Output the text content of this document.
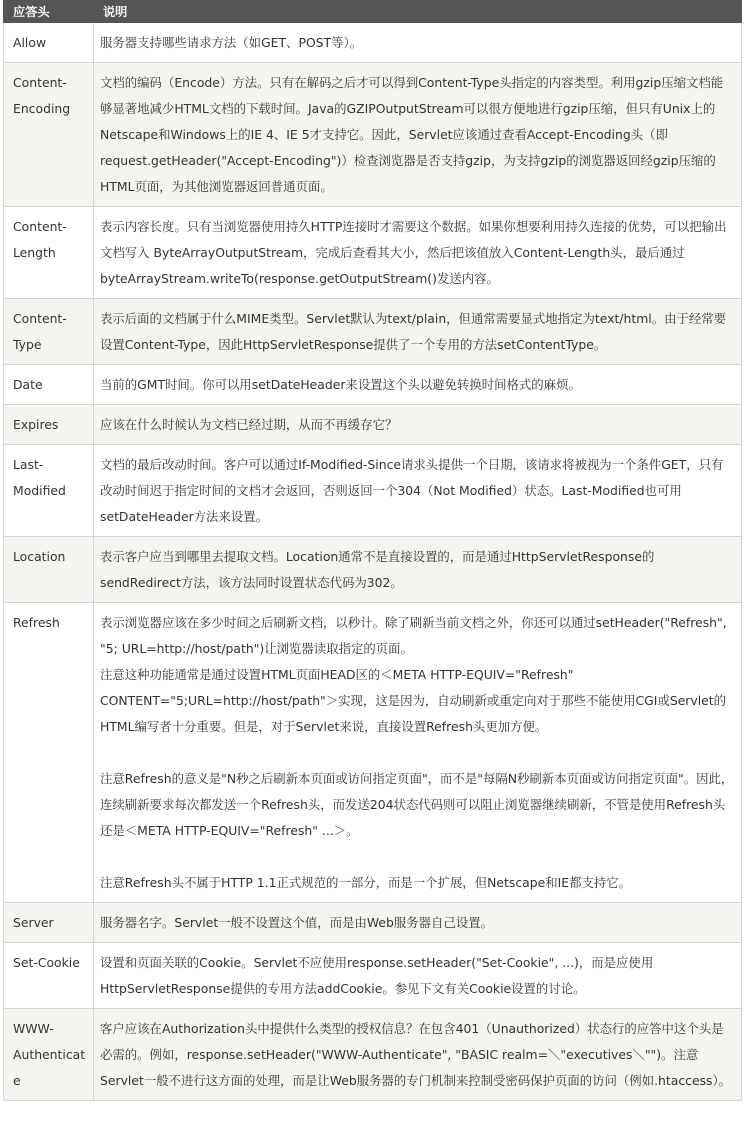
应答头	说明
Allow	服务器支持哪些请求方法（如GET、POST等）。

Content-Encoding	文档的编码（Encode）方法。只有在解码之后才可以得到Content-Type头指定的内容类型。利用gzip压缩文档能够显著地减少HTML文档的下载时间。Java的GZIPOutputStream可以很方便地进行gzip压缩，但只有Unix上的Netscape和Windows上的IE 4、IE 5才支持它。因此，Servlet应该通过查看Accept-Encoding头（即request.getHeader("Accept-Encoding")）检查浏览器是否支持gzip，为支持gzip的浏览器返回经gzip压缩的HTML页面，为其他浏览器返回普通页面。

Content-Length	表示内容长度。只有当浏览器使用持久HTTP连接时才需要这个数据。如果你想要利用持久连接的优势，可以把输出文档写入 ByteArrayOutputStream，完成后查看其大小，然后把该值放入Content-Length头，最后通过byteArrayStream.writeTo(response.getOutputStream()发送内容。

Content-Type	表示后面的文档属于什么MIME类型。Servlet默认为text/plain，但通常需要显式地指定为text/html。由于经常要设置Content-Type，因此HttpServletResponse提供了一个专用的方法setContentType。

Date	当前的GMT时间。你可以用setDateHeader来设置这个头以避免转换时间格式的麻烦。

Expires	应该在什么时候认为文档已经过期，从而不再缓存它？

Last-Modified	文档的最后改动时间。客户可以通过If-Modified-Since请求头提供一个日期，该请求将被视为一个条件GET，只有改动时间迟于指定时间的文档才会返回，否则返回一个304（Not Modified）状态。Last-Modified也可用setDateHeader方法来设置。

Location	表示客户应当到哪里去提取文档。Location通常不是直接设置的，而是通过HttpServletResponse的sendRedirect方法，该方法同时设置状态代码为302。

Refresh	表示浏览器应该在多少时间之后刷新文档，以秒计。除了刷新当前文档之外，你还可以通过setHeader("Refresh", "5; URL=http://host/path")让浏览器读取指定的页面。
注意这种功能通常是通过设置HTML页面HEAD区的＜META HTTP-EQUIV="Refresh" CONTENT="5;URL=http://host/path"＞实现，这是因为，自动刷新或重定向对于那些不能使用CGI或Servlet的HTML编写者十分重要。但是，对于Servlet来说，直接设置Refresh头更加方便。
注意Refresh的意义是"N秒之后刷新本页面或访问指定页面"，而不是"每隔N秒刷新本页面或访问指定页面"。因此，连续刷新要求每次都发送一个Refresh头，而发送204状态代码则可以阻止浏览器继续刷新，不管是使用Refresh头还是＜META HTTP-EQUIV="Refresh" ...＞。
注意Refresh头不属于HTTP 1.1正式规范的一部分，而是一个扩展，但Netscape和IE都支持它。

Server	服务器名字。Servlet一般不设置这个值，而是由Web服务器自己设置。

Set-Cookie	设置和页面关联的Cookie。Servlet不应使用response.setHeader("Set-Cookie", ...)，而是应使用HttpServletResponse提供的专用方法addCookie。参见下文有关Cookie设置的讨论。

WWW-Authenticate	客户应该在Authorization头中提供什么类型的授权信息？在包含401（Unauthorized）状态行的应答中这个头是必需的。例如，response.setHeader("WWW-Authenticate", "BASIC realm=＼"executives＼"")。注意Servlet一般不进行这方面的处理，而是让Web服务器的专门机制来控制受密码保护页面的访问（例如.htaccess）。
